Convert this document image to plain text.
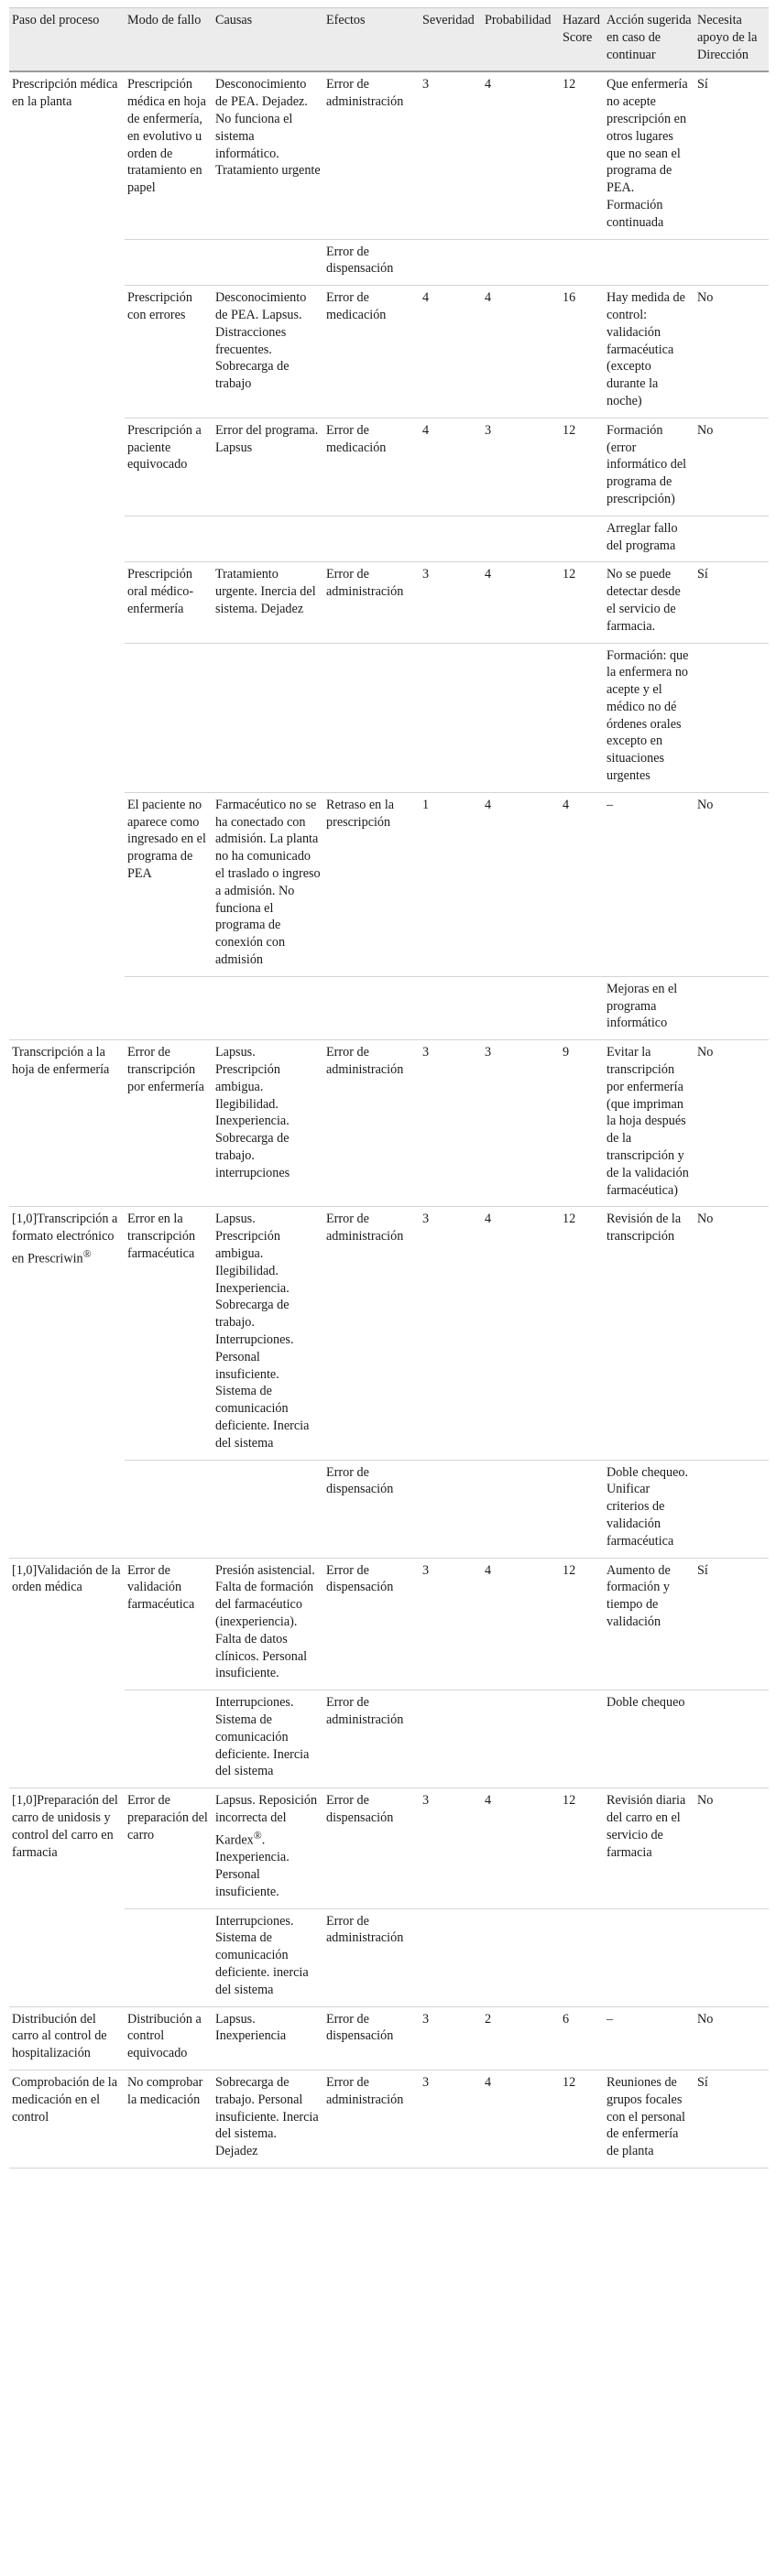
Paso del proceso	Modo de fallo	Causas	Efectos	Severidad	Probabilidad	Hazard Score	Acción sugerida en caso de continuar	Necesita apoyo de la Dirección
Prescripción médica en la planta	Prescripción médica en hoja de enfermería, en evolutivo u orden de tratamiento en papel	Desconocimiento de PEA. Dejadez. No funciona el sistema informático. Tratamiento urgente	Error de administración	3	4	12	Que enfermería no acepte prescripción en otros lugares que no sean el programa de PEA. Formación continuada	Sí
			Error de dispensación					
	Prescripción con errores	Desconocimiento de PEA. Lapsus. Distracciones frecuentes. Sobrecarga de trabajo	Error de medicación	4	4	16	Hay medida de control: validación farmacéutica (excepto durante la noche)	No
	Prescripción a paciente equivocado	Error del programa. Lapsus	Error de medicación	4	3	12	Formación (error informático del programa de prescripción)	No
							Arreglar fallo del programa	
	Prescripción oral médico-enfermería	Tratamiento urgente. Inercia del sistema. Dejadez	Error de administración	3	4	12	No se puede detectar desde el servicio de farmacia.	Sí
							Formación: que la enfermera no acepte y el médico no dé órdenes orales excepto en situaciones urgentes	
	El paciente no aparece como ingresado en el programa de PEA	Farmacéutico no se ha conectado con admisión. La planta no ha comunicado el traslado o ingreso a admisión. No funciona el programa de conexión con admisión	Retraso en la prescripción	1	4	4	–	No
							Mejoras en el programa informático	
Transcripción a la hoja de enfermería	Error de transcripción por enfermería	Lapsus. Prescripción ambigua. Ilegibilidad. Inexperiencia. Sobrecarga de trabajo. interrupciones	Error de administración	3	3	9	Evitar la transcripción por enfermería (que impriman la hoja después de la transcripción y de la validación farmacéutica)	No
[1,0]Transcripción a formato electrónico en Prescriwin®	Error en la transcripción farmacéutica	Lapsus. Prescripción ambigua. Ilegibilidad. Inexperiencia. Sobrecarga de trabajo. Interrupciones. Personal insuficiente. Sistema de comunicación deficiente. Inercia del sistema	Error de administración	3	4	12	Revisión de la transcripción	No
			Error de dispensación				Doble chequeo. Unificar criterios de validación farmacéutica	
[1,0]Validación de la orden médica	Error de validación farmacéutica	Presión asistencial. Falta de formación del farmacéutico (inexperiencia). Falta de datos clínicos. Personal insuficiente.	Error de dispensación	3	4	12	Aumento de formación y tiempo de validación	Sí
		Interrupciones. Sistema de comunicación deficiente. Inercia del sistema	Error de administración				Doble chequeo	
[1,0]Preparación del carro de unidosis y control del carro en farmacia	Error de preparación del carro	Lapsus. Reposición incorrecta del Kardex®. Inexperiencia. Personal insuficiente.	Error de dispensación	3	4	12	Revisión diaria del carro en el servicio de farmacia	No
		Interrupciones. Sistema de comunicación deficiente. inercia del sistema	Error de administración					
Distribución del carro al control de hospitalización	Distribución a control equivocado	Lapsus. Inexperiencia	Error de dispensación	3	2	6	–	No
Comprobación de la medicación en el control	No comprobar la medicación	Sobrecarga de trabajo. Personal insuficiente. Inercia del sistema. Dejadez	Error de administración	3	4	12	Reuniones de grupos focales con el personal de enfermería de planta	Sí
